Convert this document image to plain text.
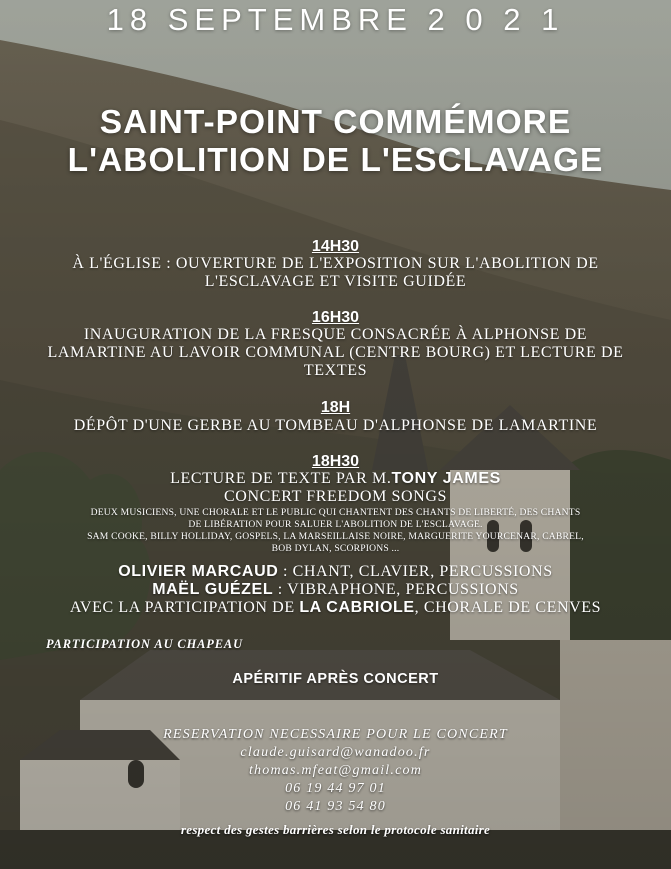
18 SEPTEMBRE 2 0 2 1
SAINT-POINT COMMÉMORE
L'ABOLITION DE L'ESCLAVAGE
14H30
À L'ÉGLISE : OUVERTURE DE L'EXPOSITION SUR L'ABOLITION DE
L'ESCLAVAGE ET VISITE GUIDÉE
16H30
INAUGURATION DE LA FRESQUE CONSACRÉE À ALPHONSE DE
LAMARTINE AU LAVOIR COMMUNAL (CENTRE BOURG) ET LECTURE DE
TEXTES
18H
DÉPÔT D'UNE GERBE AU TOMBEAU D'ALPHONSE DE LAMARTINE
18H30
LECTURE DE TEXTE PAR M.TONY JAMES
CONCERT FREEDOM SONGS
DEUX MUSICIENS, UNE CHORALE ET LE PUBLIC QUI CHANTENT DES CHANTS DE LIBERTÉ, DES CHANTS
DE LIBÉRATION POUR SALUER L'ABOLITION DE L'ESCLAVAGE.
SAM COOKE, BILLY HOLLIDAY, GOSPELS, LA MARSEILLAISE NOIRE, MARGUERITE YOURCENAR, CABREL,
BOB DYLAN, SCORPIONS ...
OLIVIER MARCAUD : CHANT, CLAVIER, PERCUSSIONS
MAËL GUÉZEL : VIBRAPHONE, PERCUSSIONS
AVEC LA PARTICIPATION DE LA CABRIOLE, CHORALE DE CENVES
PARTICIPATION AU CHAPEAU
APÉRITIF APRÈS CONCERT
RESERVATION NECESSAIRE POUR LE CONCERT
claude.guisard@wanadoo.fr
thomas.mfeat@gmail.com
06 19 44 97 01
06 41 93 54 80
respect des gestes barrières selon le protocole sanitaire
